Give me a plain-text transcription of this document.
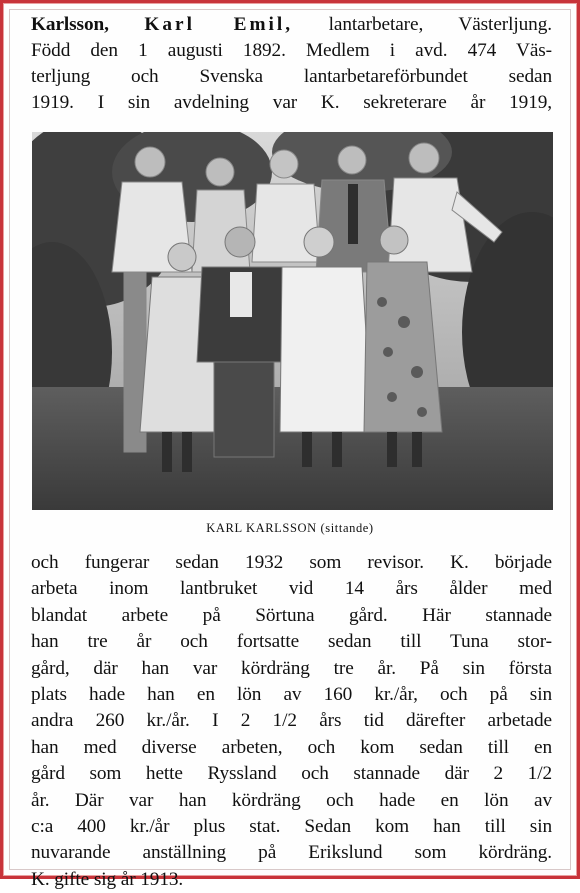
Karlsson, Karl Emil, lantarbetare, Västerljung.
Född den 1 augusti 1892. Medlem i avd. 474 Väs-
terljung och Svenska lantarbetareförbundet sedan
1919. I sin avdelning var K. sekreterare år 1919,
KARL KARLSSON (sittande)
och fungerar sedan 1932 som revisor. K. började
arbeta inom lantbruket vid 14 års ålder med
blandat arbete på Sörtuna gård. Här stannade
han tre år och fortsatte sedan till Tuna stor-
gård, där han var kördräng tre år. På sin första
plats hade han en lön av 160 kr./år, och på sin
andra 260 kr./år. I 2 1/2 års tid därefter arbetade
han med diverse arbeten, och kom sedan till en
gård som hette Ryssland och stannade där 2 1/2
år. Där var han kördräng och hade en lön av
c:a 400 kr./år plus stat. Sedan kom han till sin
nuvarande anställning på Erikslund som kördräng.
K. gifte sig år 1913.
